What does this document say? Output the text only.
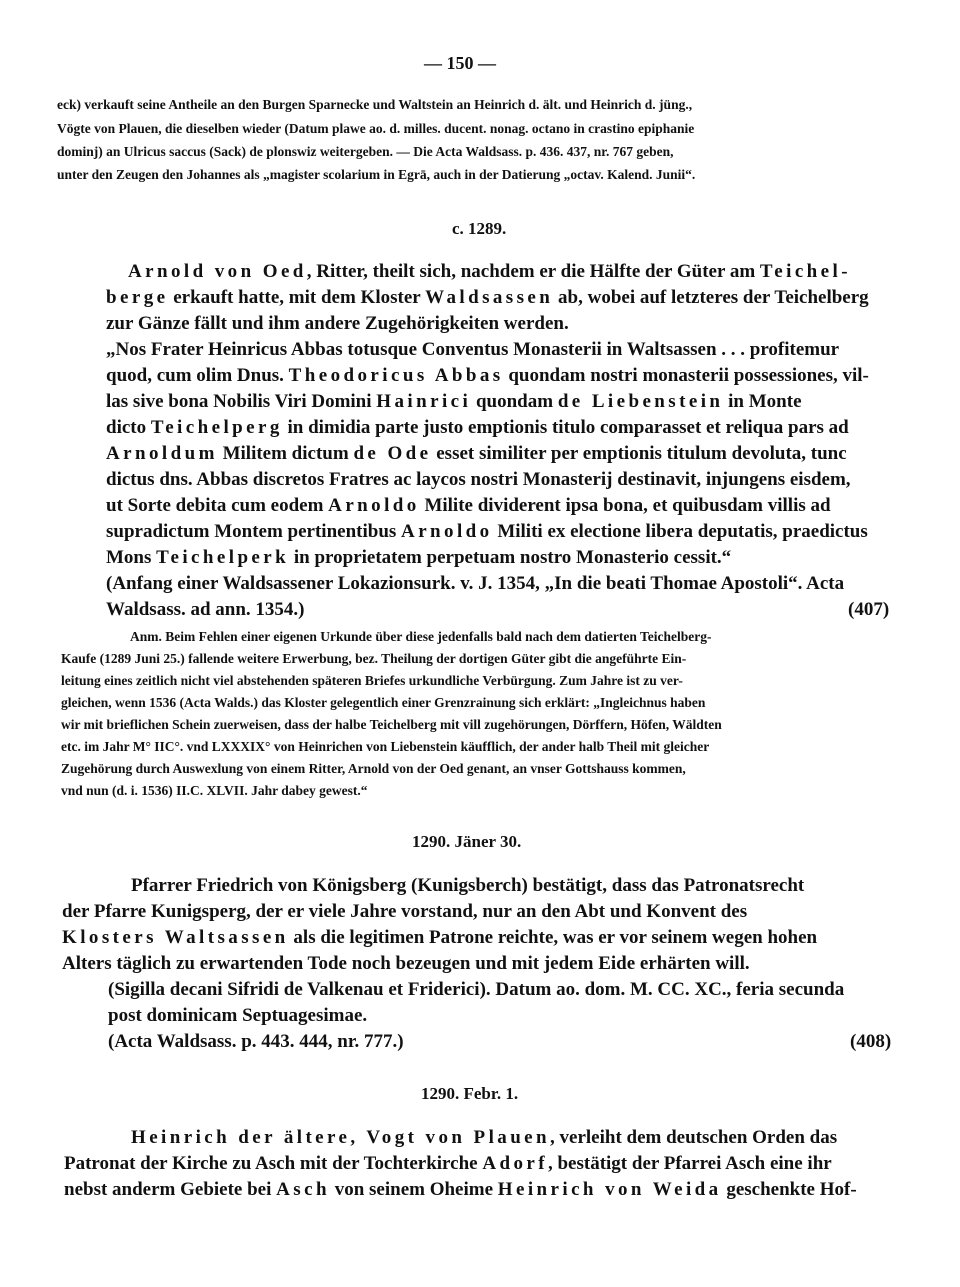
— 150 —
eck) verkauft seine Antheile an den Burgen Sparnecke und Waltstein an Heinrich d. ält. und Heinrich d. jüng.,
Vögte von Plauen, die dieselben wieder (Datum plawe ao. d. milles. ducent. nonag. octano in crastino epiphanie
dominj) an Ulricus saccus (Sack) de plonswiz weitergeben. — Die Acta Waldsass. p. 436. 437, nr. 767 geben,
unter den Zeugen den Johannes als „magister scolarium in Egrā, auch in der Datierung „octav. Kalend. Junii“.
c. 1289.
Arnold von Oed, Ritter, theilt sich, nachdem er die Hälfte der Güter am Teichel-
berge erkauft hatte, mit dem Kloster Waldsassen ab, wobei auf letzteres der Teichelberg
zur Gänze fällt und ihm andere Zugehörigkeiten werden.
„Nos Frater Heinricus Abbas totusque Conventus Monasterii in Waltsassen . . . profitemur
quod, cum olim Dnus. Theodoricus Abbas quondam nostri monasterii possessiones, vil-
las sive bona Nobilis Viri Domini Hainrici quondam de Liebenstein in Monte
dicto Teichelperg in dimidia parte justo emptionis titulo comparasset et reliqua pars ad
Arnoldum Militem dictum de Ode esset similiter per emptionis titulum devoluta, tunc
dictus dns. Abbas discretos Fratres ac laycos nostri Monasterij destinavit, injungens eisdem,
ut Sorte debita cum eodem Arnoldo Milite dividerent ipsa bona, et quibusdam villis ad
supradictum Montem pertinentibus Arnoldo Militi ex electione libera deputatis, praedictus
Mons Teichelperk in proprietatem perpetuam nostro Monasterio cessit.“
(Anfang einer Waldsassener Lokazionsurk. v. J. 1354, „In die beati Thomae Apostoli“. Acta
Waldsass. ad ann. 1354.)	(407)
Anm. Beim Fehlen einer eigenen Urkunde über diese jedenfalls bald nach dem datierten Teichelberg-
Kaufe (1289 Juni 25.) fallende weitere Erwerbung, bez. Theilung der dortigen Güter gibt die angeführte Ein-
leitung eines zeitlich nicht viel abstehenden späteren Briefes urkundliche Verbürgung. Zum Jahre ist zu ver-
gleichen, wenn 1536 (Acta Walds.) das Kloster gelegentlich einer Grenzrainung sich erklärt: „Ingleichnus haben
wir mit brieflichen Schein zuerweisen, dass der halbe Teichelberg mit vill zugehörungen, Dörffern, Höfen, Wäldten
etc. im Jahr M° IIC°. vnd LXXXIX° von Heinrichen von Liebenstein käufflich, der ander halb Theil mit gleicher
Zugehörung durch Auswexlung von einem Ritter, Arnold von der Oed genant, an vnser Gottshauss kommen,
vnd nun (d. i. 1536) II.C. XLVII. Jahr dabey gewest.“
1290. Jäner 30.
Pfarrer Friedrich von Königsberg (Kunigsberch) bestätigt, dass das Patronatsrecht
der Pfarre Kunigsperg, der er viele Jahre vorstand, nur an den Abt und Konvent des
Klosters Waltsassen als die legitimen Patrone reichte, was er vor seinem wegen hohen
Alters täglich zu erwartenden Tode noch bezeugen und mit jedem Eide erhärten will.
(Sigilla decani Sifridi de Valkenau et Friderici). Datum ao. dom. M. CC. XC., feria secunda
post dominicam Septuagesimae.
(Acta Waldsass. p. 443. 444, nr. 777.)	(408)
1290. Febr. 1.
Heinrich der ältere, Vogt von Plauen, verleiht dem deutschen Orden das
Patronat der Kirche zu Asch mit der Tochterkirche Adorf, bestätigt der Pfarrei Asch eine ihr
nebst anderm Gebiete bei Asch von seinem Oheime Heinrich von Weida geschenkte Hof-
